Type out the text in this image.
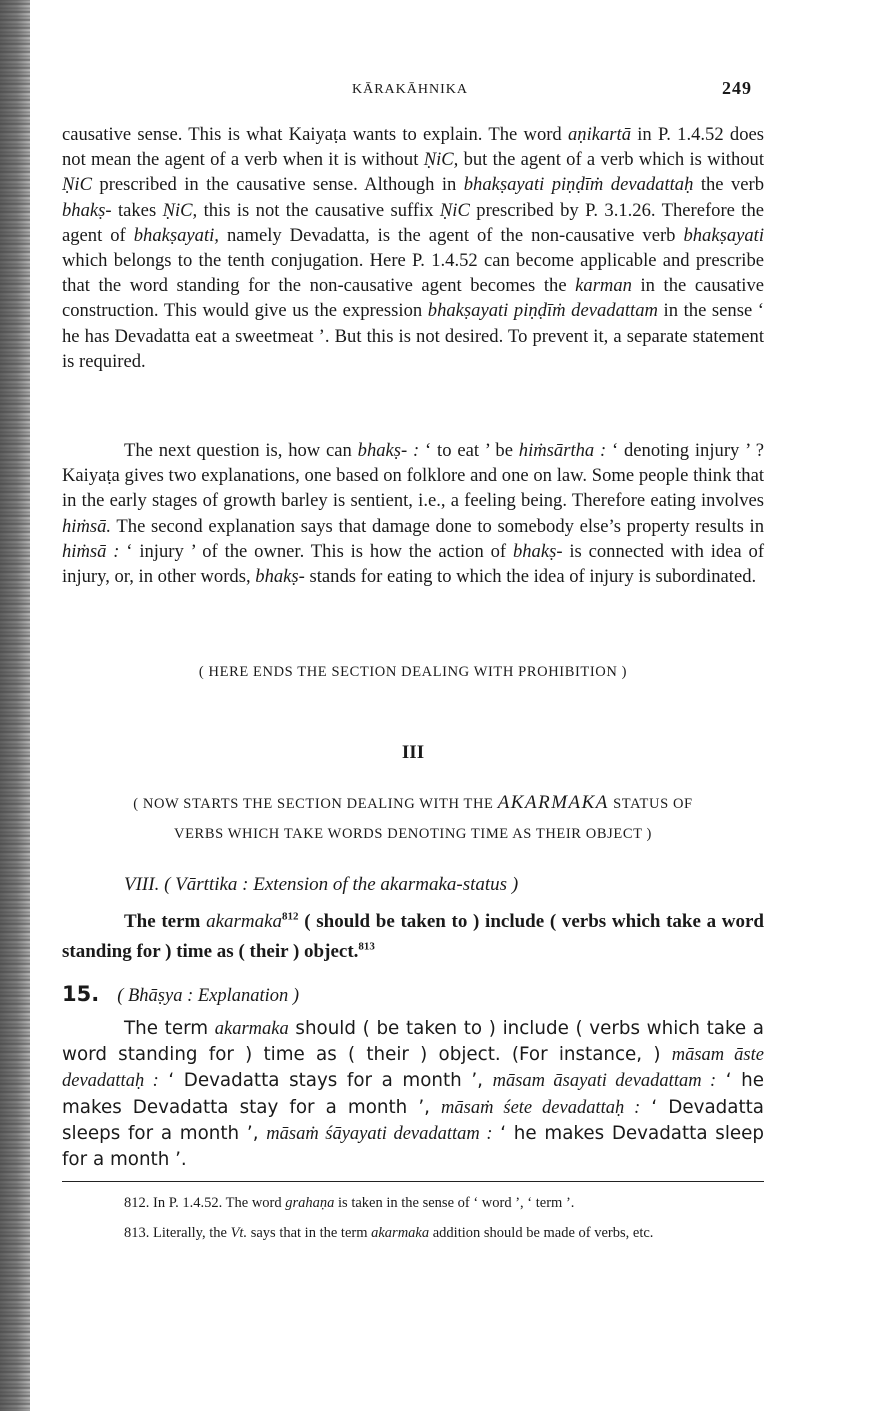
KĀRAKĀHNIKA	249

causative sense. This is what Kaiyaṭa wants to explain. The word aṇikartā in P. 1.4.52 does not mean the agent of a verb when it is without ṆiC, but the agent of a verb which is without ṆiC prescribed in the causative sense. Although in bhakṣayati piṇḍīṁ devadattaḥ the verb bhakṣ- takes ṆiC, this is not the causative suffix ṆiC prescribed by P. 3.1.26. Therefore the agent of bhakṣayati, namely Devadatta, is the agent of the non-causative verb bhakṣayati which belongs to the tenth conjugation. Here P. 1.4.52 can become applicable and prescribe that the word standing for the non-causative agent becomes the karman in the causative construction. This would give us the expression bhakṣayati piṇḍīṁ devadattam in the sense ‘ he has Devadatta eat a sweetmeat ’. But this is not desired. To prevent it, a separate statement is required.

The next question is, how can bhakṣ- : ‘ to eat ’ be hiṁsārtha : ‘ denoting injury ’ ? Kaiyaṭa gives two explanations, one based on folklore and one on law. Some people think that in the early stages of growth barley is sentient, i.e., a feeling being. Therefore eating involves hiṁsā. The second explanation says that damage done to somebody else’s property results in hiṁsā : ‘ injury ’ of the owner. This is how the action of bhakṣ- is connected with idea of injury, or, in other words, bhakṣ- stands for eating to which the idea of injury is subordinated.

( HERE ENDS THE SECTION DEALING WITH PROHIBITION )

III

( NOW STARTS THE SECTION DEALING WITH THE AKARMAKA STATUS OF
VERBS WHICH TAKE WORDS DENOTING TIME AS THEIR OBJECT )

VIII. ( Vārttika : Extension of the akarmaka-status )

The term akarmaka$^{812}$ ( should be taken to ) include ( verbs which take a word standing for ) time as ( their ) object.$^{813}$

15. ( Bhāṣya : Explanation )

The term akarmaka should ( be taken to ) include ( verbs which take a word standing for ) time as ( their ) object. (For instance, ) māsam āste devadattaḥ : ‘ Devadatta stays for a month ’, māsam āsayati devadattam : ‘ he makes Devadatta stay for a month ’, māsaṁ śete devadattaḥ : ‘ Devadatta sleeps for a month ’, māsaṁ śāyayati devadattam : ‘ he makes Devadatta sleep for a month ’.

812. In P. 1.4.52. The word grahaṇa is taken in the sense of ‘ word ’, ‘ term ’.

813. Literally, the Vt. says that in the term akarmaka addition should be made of verbs, etc.
